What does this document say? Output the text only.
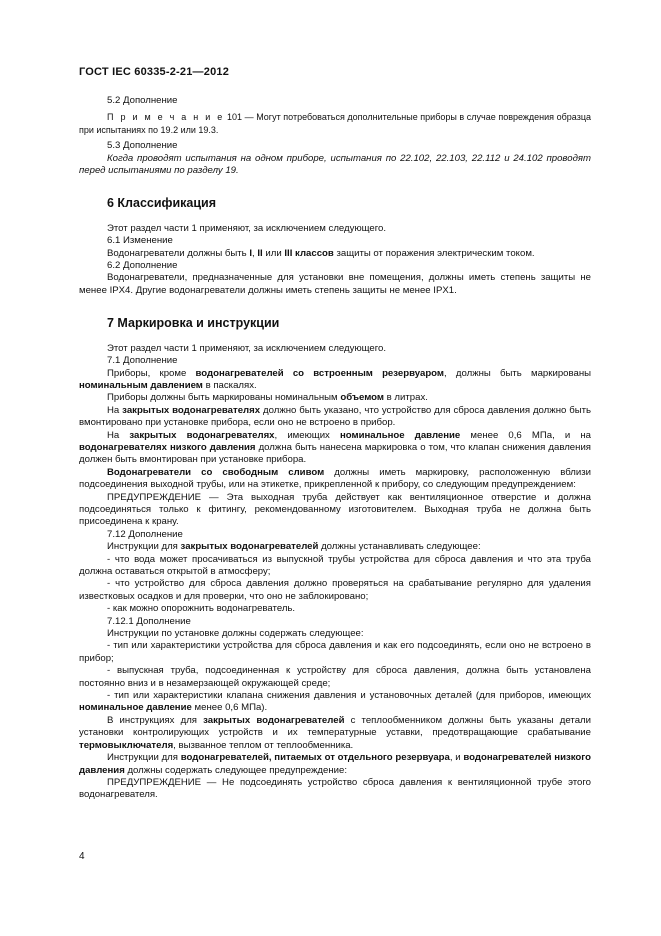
ГОСТ IEC 60335-2-21—2012

5.2 Дополнение

П р и м е ч а н и е 101 — Могут потребоваться дополнительные приборы в случае повреждения образца при испытаниях по 19.2 или 19.3.

5.3 Дополнение

Когда проводят испытания на одном приборе, испытания по 22.102, 22.103, 22.112 и 24.102 проводят перед испытаниями по разделу 19.

6 Классификация

Этот раздел части 1 применяют, за исключением следующего.

6.1 Изменение

Водонагреватели должны быть I, II или III классов защиты от поражения электрическим током.

6.2 Дополнение

Водонагреватели, предназначенные для установки вне помещения, должны иметь степень защиты не менее IPX4. Другие водонагреватели должны иметь степень защиты не менее IPX1.

7 Маркировка и инструкции

Этот раздел части 1 применяют, за исключением следующего.

7.1 Дополнение

Приборы, кроме водонагревателей со встроенным резервуаром, должны быть маркированы номинальным давлением в паскалях.

Приборы должны быть маркированы номинальным объемом в литрах.

На закрытых водонагревателях должно быть указано, что устройство для сброса давления должно быть вмонтировано при установке прибора, если оно не встроено в прибор.

На закрытых водонагревателях, имеющих номинальное давление менее 0,6 МПа, и на водонагревателях низкого давления должна быть нанесена маркировка о том, что клапан снижения давления должен быть вмонтирован при установке прибора.

Водонагреватели со свободным сливом должны иметь маркировку, расположенную вблизи подсоединения выходной трубы, или на этикетке, прикрепленной к прибору, со следующим предупреждением:

ПРЕДУПРЕЖДЕНИЕ — Эта выходная труба действует как вентиляционное отверстие и должна подсоединяться только к фитингу, рекомендованному изготовителем. Выходная труба не должна быть присоединена к крану.

7.12 Дополнение

Инструкции для закрытых водонагревателей должны устанавливать следующее:

- что вода может просачиваться из выпускной трубы устройства для сброса давления и что эта труба должна оставаться открытой в атмосферу;

- что устройство для сброса давления должно проверяться на срабатывание регулярно для удаления известковых осадков и для проверки, что оно не заблокировано;

- как можно опорожнить водонагреватель.

7.12.1 Дополнение

Инструкции по установке должны содержать следующее:

- тип или характеристики устройства для сброса давления и как его подсоединять, если оно не встроено в прибор;

- выпускная труба, подсоединенная к устройству для сброса давления, должна быть установлена постоянно вниз и в незамерзающей окружающей среде;

- тип или характеристики клапана снижения давления и установочных деталей (для приборов, имеющих номинальное давление менее 0,6 МПа).

В инструкциях для закрытых водонагревателей с теплообменником должны быть указаны детали установки контролирующих устройств и их температурные уставки, предотвращающие срабатывание термовыключателя, вызванное теплом от теплообменника.

Инструкции для водонагревателей, питаемых от отдельного резервуара, и водонагревателей низкого давления должны содержать следующее предупреждение:

ПРЕДУПРЕЖДЕНИЕ — Не подсоединять устройство сброса давления к вентиляционной трубе этого водонагревателя.

4
